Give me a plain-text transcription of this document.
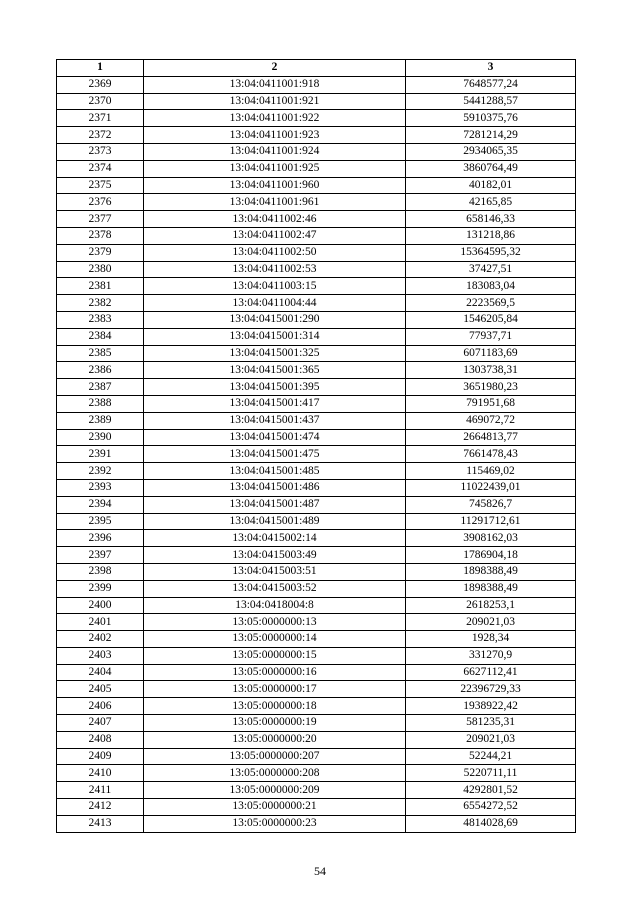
1	2	3
2369	13:04:0411001:918	7648577,24
2370	13:04:0411001:921	5441288,57
2371	13:04:0411001:922	5910375,76
2372	13:04:0411001:923	7281214,29
2373	13:04:0411001:924	2934065,35
2374	13:04:0411001:925	3860764,49
2375	13:04:0411001:960	40182,01
2376	13:04:0411001:961	42165,85
2377	13:04:0411002:46	658146,33
2378	13:04:0411002:47	131218,86
2379	13:04:0411002:50	15364595,32
2380	13:04:0411002:53	37427,51
2381	13:04:0411003:15	183083,04
2382	13:04:0411004:44	2223569,5
2383	13:04:0415001:290	1546205,84
2384	13:04:0415001:314	77937,71
2385	13:04:0415001:325	6071183,69
2386	13:04:0415001:365	1303738,31
2387	13:04:0415001:395	3651980,23
2388	13:04:0415001:417	791951,68
2389	13:04:0415001:437	469072,72
2390	13:04:0415001:474	2664813,77
2391	13:04:0415001:475	7661478,43
2392	13:04:0415001:485	115469,02
2393	13:04:0415001:486	11022439,01
2394	13:04:0415001:487	745826,7
2395	13:04:0415001:489	11291712,61
2396	13:04:0415002:14	3908162,03
2397	13:04:0415003:49	1786904,18
2398	13:04:0415003:51	1898388,49
2399	13:04:0415003:52	1898388,49
2400	13:04:0418004:8	2618253,1
2401	13:05:0000000:13	209021,03
2402	13:05:0000000:14	1928,34
2403	13:05:0000000:15	331270,9
2404	13:05:0000000:16	6627112,41
2405	13:05:0000000:17	22396729,33
2406	13:05:0000000:18	1938922,42
2407	13:05:0000000:19	581235,31
2408	13:05:0000000:20	209021,03
2409	13:05:0000000:207	52244,21
2410	13:05:0000000:208	5220711,11
2411	13:05:0000000:209	4292801,52
2412	13:05:0000000:21	6554272,52
2413	13:05:0000000:23	4814028,69
54
